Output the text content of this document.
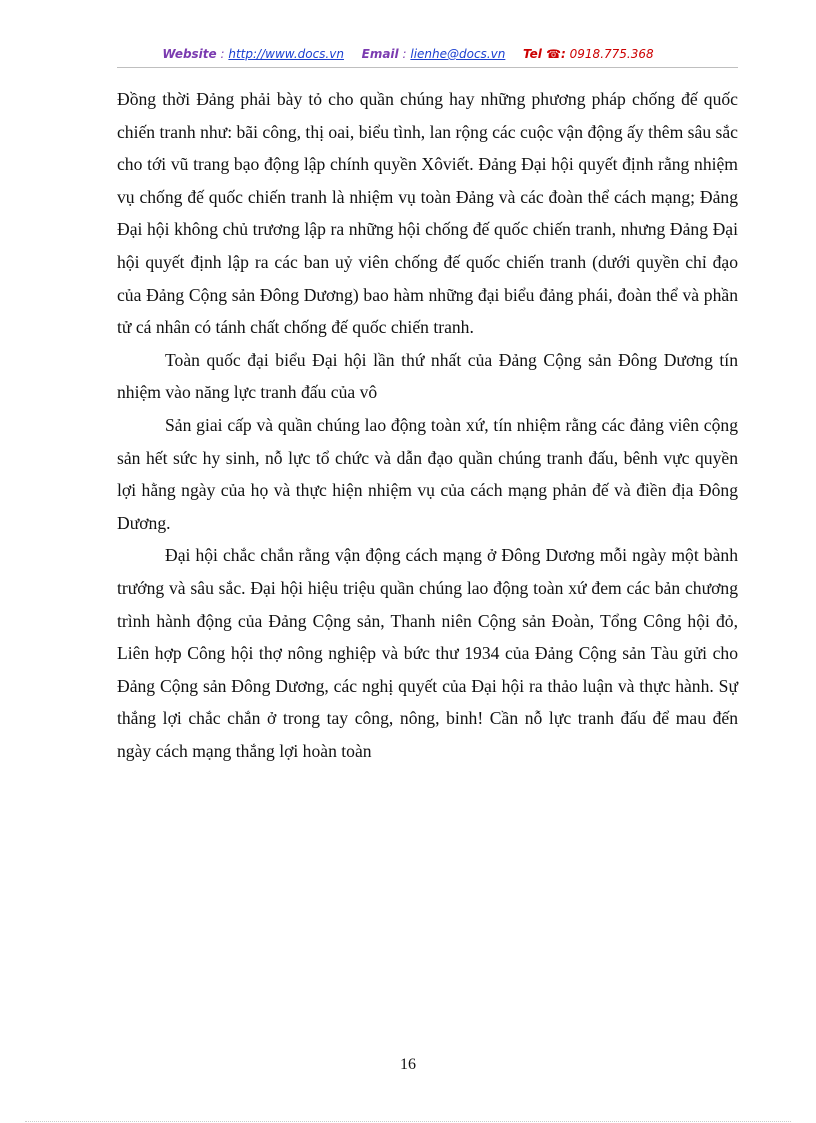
Website : http://www.docs.vn Email : lienhe@docs.vn Tel ☎: 0918.775.368

Đồng thời Đảng phải bày tỏ cho quần chúng hay những phương pháp chống đế quốc chiến tranh như: bãi công, thị oai, biểu tình, lan rộng các cuộc vận động ấy thêm sâu sắc cho tới vũ trang bạo động lập chính quyền Xôviết. Đảng Đại hội quyết định rằng nhiệm vụ chống đế quốc chiến tranh là nhiệm vụ toàn Đảng và các đoàn thể cách mạng; Đảng Đại hội không chủ trương lập ra những hội chống đế quốc chiến tranh, nhưng Đảng Đại hội quyết định lập ra các ban uỷ viên chống đế quốc chiến tranh (dưới quyền chỉ đạo của Đảng Cộng sản Đông Dương) bao hàm những đại biểu đảng phái, đoàn thể và phần tử cá nhân có tánh chất chống đế quốc chiến tranh.

Toàn quốc đại biểu Đại hội lần thứ nhất của Đảng Cộng sản Đông Dương tín nhiệm vào năng lực tranh đấu của vô

Sản giai cấp và quần chúng lao động toàn xứ, tín nhiệm rằng các đảng viên cộng sản hết sức hy sinh, nỗ lực tổ chức và dẫn đạo quần chúng tranh đấu, bênh vực quyền lợi hằng ngày của họ và thực hiện nhiệm vụ của cách mạng phản đế và điền địa Đông Dương.

Đại hội chắc chắn rằng vận động cách mạng ở Đông Dương mỗi ngày một bành trướng và sâu sắc. Đại hội hiệu triệu quần chúng lao động toàn xứ đem các bản chương trình hành động của Đảng Cộng sản, Thanh niên Cộng sản Đoàn, Tổng Công hội đỏ, Liên hợp Công hội thợ nông nghiệp và bức thư 1934 của Đảng Cộng sản Tàu gửi cho Đảng Cộng sản Đông Dương, các nghị quyết của Đại hội ra thảo luận và thực hành. Sự thắng lợi chắc chắn ở trong tay công, nông, binh! Cần nỗ lực tranh đấu để mau đến ngày cách mạng thắng lợi hoàn toàn

16
